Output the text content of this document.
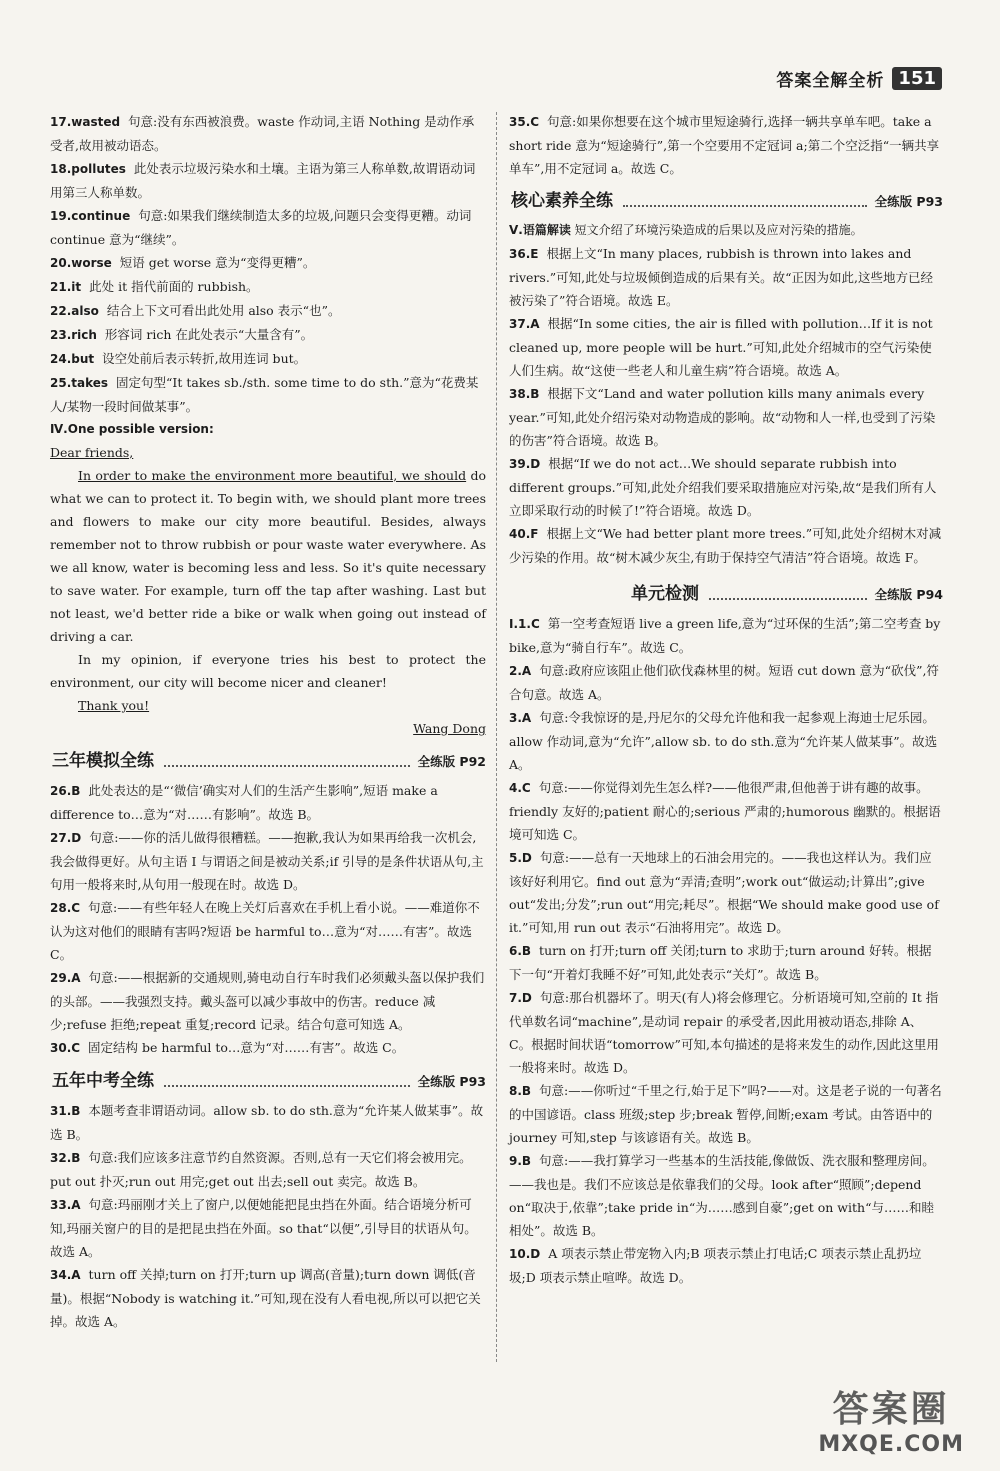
答案全解全析 151

17.wasted 句意:没有东西被浪费。waste 作动词,主语 Nothing 是动作承受者,故用被动语态。

18.pollutes 此处表示垃圾污染水和土壤。主语为第三人称单数,故谓语动词用第三人称单数。

19.continue 句意:如果我们继续制造太多的垃圾,问题只会变得更糟。动词 continue 意为“继续”。

20.worse 短语 get worse 意为“变得更糟”。

21.it 此处 it 指代前面的 rubbish。

22.also 结合上下文可看出此处用 also 表示“也”。

23.rich 形容词 rich 在此处表示“大量含有”。

24.but 设空处前后表示转折,故用连词 but。

25.takes 固定句型“It takes sb./sth. some time to do sth.”意为“花费某人/某物一段时间做某事”。

Ⅳ.One possible version:

Dear friends,

In order to make the environment more beautiful, we should do what we can to protect it. To begin with, we should plant more trees and flowers to make our city more beautiful. Besides, always remember not to throw rubbish or pour waste water everywhere. As we all know, water is becoming less and less. So it's quite necessary to save water. For example, turn off the tap after washing. Last but not least, we'd better ride a bike or walk when going out instead of driving a car.

In my opinion, if everyone tries his best to protect the environment, our city will become nicer and cleaner!

Thank you!

Wang Dong

三年模拟全练	全练版 P92

26.B 此处表达的是“‘微信’确实对人们的生活产生影响”,短语 make a difference to…意为“对……有影响”。故选 B。

27.D 句意:——你的活儿做得很糟糕。——抱歉,我认为如果再给我一次机会,我会做得更好。从句主语 I 与谓语之间是被动关系;if 引导的是条件状语从句,主句用一般将来时,从句用一般现在时。故选 D。

28.C 句意:——有些年轻人在晚上关灯后喜欢在手机上看小说。——难道你不认为这对他们的眼睛有害吗?短语 be harmful to…意为“对……有害”。故选 C。

29.A 句意:——根据新的交通规则,骑电动自行车时我们必须戴头盔以保护我们的头部。——我强烈支持。戴头盔可以减少事故中的伤害。reduce 减少;refuse 拒绝;repeat 重复;record 记录。结合句意可知选 A。

30.C 固定结构 be harmful to…意为“对……有害”。故选 C。

五年中考全练	全练版 P93

31.B 本题考查非谓语动词。allow sb. to do sth.意为“允许某人做某事”。故选 B。

32.B 句意:我们应该多注意节约自然资源。否则,总有一天它们将会被用完。put out 扑灭;run out 用完;get out 出去;sell out 卖完。故选 B。

33.A 句意:玛丽刚才关上了窗户,以便她能把昆虫挡在外面。结合语境分析可知,玛丽关窗户的目的是把昆虫挡在外面。so that“以便”,引导目的状语从句。故选 A。

34.A turn off 关掉;turn on 打开;turn up 调高(音量);turn down 调低(音量)。根据“Nobody is watching it.”可知,现在没有人看电视,所以可以把它关掉。故选 A。

35.C 句意:如果你想要在这个城市里短途骑行,选择一辆共享单车吧。take a short ride 意为“短途骑行”,第一个空要用不定冠词 a;第二个空泛指“一辆共享单车”,用不定冠词 a。故选 C。

核心素养全练	全练版 P93

Ⅴ.语篇解读 短文介绍了环境污染造成的后果以及应对污染的措施。

36.E 根据上文“In many places, rubbish is thrown into lakes and rivers.”可知,此处与垃圾倾倒造成的后果有关。故“正因为如此,这些地方已经被污染了”符合语境。故选 E。

37.A 根据“In some cities, the air is filled with pollution…If it is not cleaned up, more people will be hurt.”可知,此处介绍城市的空气污染使人们生病。故“这使一些老人和儿童生病”符合语境。故选 A。

38.B 根据下文“Land and water pollution kills many animals every year.”可知,此处介绍污染对动物造成的影响。故“动物和人一样,也受到了污染的伤害”符合语境。故选 B。

39.D 根据“If we do not act…We should separate rubbish into different groups.”可知,此处介绍我们要采取措施应对污染,故“是我们所有人立即采取行动的时候了!”符合语境。故选 D。

40.F 根据上文“We had better plant more trees.”可知,此处介绍树木对减少污染的作用。故“树木减少灰尘,有助于保持空气清洁”符合语境。故选 F。

单元检测	全练版 P94

Ⅰ.1.C 第一空考查短语 live a green life,意为“过环保的生活”;第二空考查 by bike,意为“骑自行车”。故选 C。

2.A 句意:政府应该阻止他们砍伐森林里的树。短语 cut down 意为“砍伐”,符合句意。故选 A。

3.A 句意:令我惊讶的是,丹尼尔的父母允许他和我一起参观上海迪士尼乐园。allow 作动词,意为“允许”,allow sb. to do sth.意为“允许某人做某事”。故选 A。

4.C 句意:——你觉得刘先生怎么样?——他很严肃,但他善于讲有趣的故事。friendly 友好的;patient 耐心的;serious 严肃的;humorous 幽默的。根据语境可知选 C。

5.D 句意:——总有一天地球上的石油会用完的。——我也这样认为。我们应该好好利用它。find out 意为“弄清;查明”;work out“做运动;计算出”;give out“发出;分发”;run out“用完;耗尽”。根据“We should make good use of it.”可知,用 run out 表示“石油将用完”。故选 D。

6.B turn on 打开;turn off 关闭;turn to 求助于;turn around 好转。根据下一句“开着灯我睡不好”可知,此处表示“关灯”。故选 B。

7.D 句意:那台机器坏了。明天(有人)将会修理它。分析语境可知,空前的 It 指代单数名词“machine”,是动词 repair 的承受者,因此用被动语态,排除 A、C。根据时间状语“tomorrow”可知,本句描述的是将来发生的动作,因此这里用一般将来时。故选 D。

8.B 句意:——你听过“千里之行,始于足下”吗?——对。这是老子说的一句著名的中国谚语。class 班级;step 步;break 暂停,间断;exam 考试。由答语中的 journey 可知,step 与该谚语有关。故选 B。

9.B 句意:——我打算学习一些基本的生活技能,像做饭、洗衣服和整理房间。——我也是。我们不应该总是依靠我们的父母。look after“照顾”;depend on“取决于,依靠”;take pride in“为……感到自豪”;get on with“与……和睦相处”。故选 B。

10.D A 项表示禁止带宠物入内;B 项表示禁止打电话;C 项表示禁止乱扔垃圾;D 项表示禁止喧哗。故选 D。

答案圈
MXQE.COM
